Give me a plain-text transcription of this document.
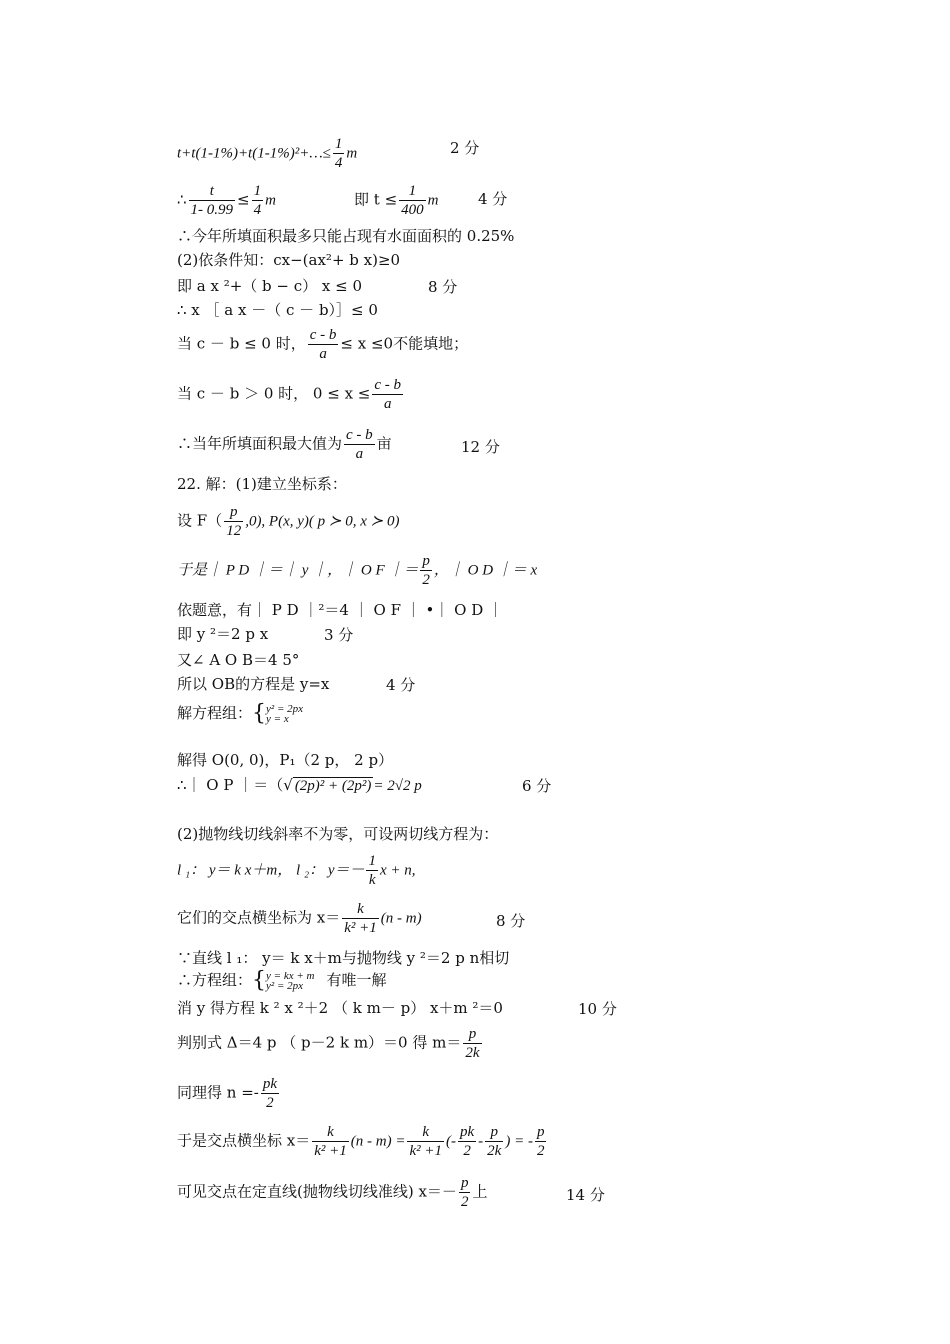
t+t(1-1%)+t(1-1%)²+…≤ $\frac{1}{4}$ m	2 分
∴ $\frac{t}{1- 0.99} \le \frac{1}{4}$ m	即 $t \le \frac{1}{400}$ m	4 分
∴今年所填面积最多只能占现有水面面积的 0.25%
(2)依条件知：cx−(ax²+ b x)≥0
即 a x ²+（ b − c） x ≤ 0	8 分
∴ x ［ a x －（ c － b）］≤ 0
当 c － b ≤ 0 时， $\frac{c - b}{a} \le x \le 0$不能填地；
当 c － b ＞ 0 时， $0 \le x \le \frac{c - b}{a}$
∴当年所填面积最大值为 $\frac{c - b}{a}$ 亩	12 分
22. 解：(1)建立坐标系：
设 $F( \frac{p}{12} ,0)$, P(x, y)( p ≻ 0, x ≻ 0)
于是｜ P D ｜＝｜ y ｜，｜ O F ｜＝ $\frac{p}{2}$ ，｜ O D ｜＝ x
依题意，有｜ P D ｜²＝4 ｜ O F ｜ •｜ O D ｜
即 y ²＝2 p x	3 分
又∠ A O B＝4 5°
所以 OB的方程是 y=x	4 分
解方程组：{ y² = 2px
y = x
解得 O(0, 0)，P₁（2 p， 2 p）
∴｜ O P ｜＝（√ (2p)² + (2p²) = 2√2 p	6 分
(2)抛物线切线斜率不为零，可设两切线方程为：
l ₁： y＝ k x＋m， l ₂： $y=- \frac{1}{k}$ x + n,
它们的交点横坐标为 $x= \frac{k}{\text{k² +1}} (n - m)$	8 分
∵直线 l ₁： y＝ k x＋m与抛物线 y ²＝2 p n相切
∴方程组：{ y = kx + m
y² = 2px	有唯一解
消 y 得方程 k ² x ²＋2 （ k m－ p） x＋m ²＝0	10 分
判别式 Δ＝4 p （ p－2 k m）＝0 得 $m= \frac{p}{2k}$
同理得 $n =- \frac{pk}{2}$
于是交点横坐标 $x= \frac{k}{\text{k² +1}} (n - m) = \frac{k}{\text{k² +1}}$ (- $\frac{pk}{2} - \frac{p}{2k}$ ) = - $\frac{p}{2}$
可见交点在定直线(抛物线切线准线) $x=- \frac{p}{2}$ 上	14 分
